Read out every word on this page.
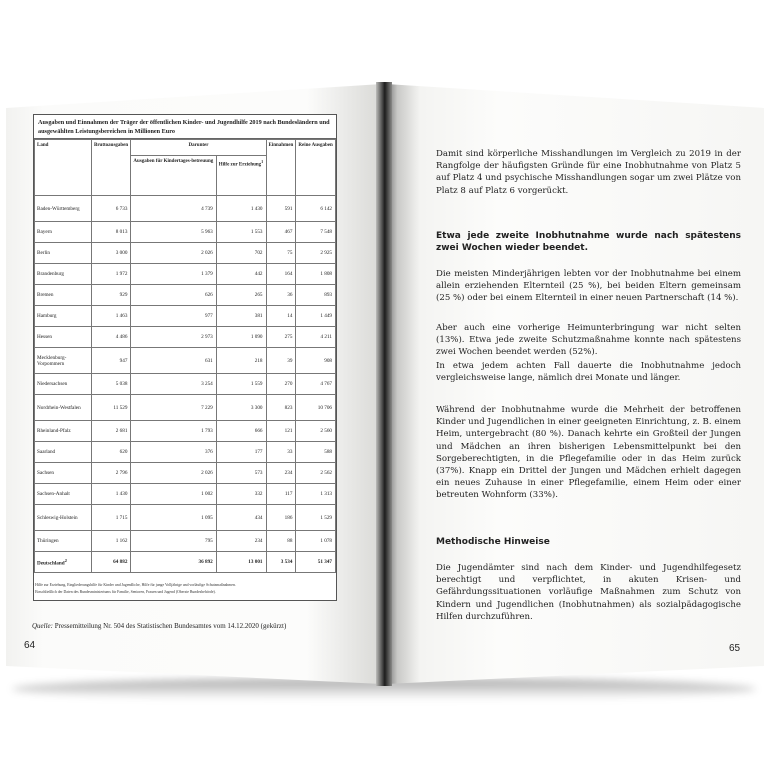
Ausgaben und Einnahmen der Träger der öffentlichen Kinder- und Jugendhilfe 2019 nach Bundesländern und ausgewählten Leistungsbereichen in Millionen Euro
Land	Bruttoausgaben	Darunter		Einnahmen	Reine Ausgaben
		Ausgaben für Kindertages-betreuung	Hilfe zur Erziehung$^1$
Baden-Württemberg	6 733	4 739	1 430	591	6 142
Bayern	8 013	5 963	1 553	467	7 548
Berlin	3 000	2 026	702	75	2 925
Brandenburg	1 972	1 379	442	164	1 808
Bremen	929	626	265	36	893
Hamburg	1 463	977	381	14	1 449
Hessen	4 486	2 973	1 090	275	4 211
Mecklenburg-Vorpommern	947	631	218	39	908
Niedersachsen	5 038	3 254	1 559	270	4 767
Nordrhein-Westfalen	11 529	7 229	3 300	823	10 706
Rheinland-Pfalz	2 681	1 793	666	121	2 560
Saarland	620	376	177	33	588
Sachsen	2 796	2 026	573	234	2 562
Sachsen-Anhalt	1 430	1 002	332	117	1 313
Schleswig-Holstein	1 715	1 095	434	186	1 529
Thüringen	1 162	795	234	88	1 078
Deutschland$^2$	64 882	36 892	13 001	3 534	51 347
¹ Hilfe zur Erziehung, Eingliederungshilfe für Kinder und Jugendliche, Hilfe für junge Volljährige und vorläufige Schutzmaßnahmen.
² Einschließlich der Daten des Bundesministeriums für Familie, Senioren, Frauen und Jugend (Oberste Bundesbehörde).
Quelle: Pressemitteilung Nr. 504 des Statistischen Bundesamtes vom 14.12.2020 (gekürzt)
64

Damit sind körperliche Misshandlungen im Vergleich zu 2019 in der Rangfolge der häufigsten Gründe für eine Inobhutnahme von Platz 5 auf Platz 4 und psychische Misshandlungen sogar um zwei Plätze von Platz 8 auf Platz 6 vorgerückt.

Etwa jede zweite Inobhutnahme wurde nach spätestens zwei Wochen wieder beendet.

Die meisten Minderjährigen lebten vor der Inobhutnahme bei einem allein erziehenden Elternteil (25 %), bei beiden Eltern gemeinsam (25 %) oder bei einem Elternteil in einer neuen Partnerschaft (14 %).

Aber auch eine vorherige Heimunterbringung war nicht selten (13%). Etwa jede zweite Schutzmaßnahme konnte nach spätestens zwei Wochen beendet werden (52%).

In etwa jedem achten Fall dauerte die Inobhutnahme jedoch vergleichsweise lange, nämlich drei Monate und länger.

Während der Inobhutnahme wurde die Mehrheit der betroffenen Kinder und Jugendlichen in einer geeigneten Einrichtung, z. B. einem Heim, untergebracht (80 %). Danach kehrte ein Großteil der Jungen und Mädchen an ihren bisherigen Lebensmittelpunkt bei den Sorgeberechtigten, in die Pflegefamilie oder in das Heim zurück (37%). Knapp ein Drittel der Jungen und Mädchen erhielt dagegen ein neues Zuhause in einer Pflegefamilie, einem Heim oder einer betreuten Wohnform (33%).

Methodische Hinweise

Die Jugendämter sind nach dem Kinder- und Jugendhilfegesetz berechtigt und verpflichtet, in akuten Krisen- und Gefährdungssituationen vorläufige Maßnahmen zum Schutz von Kindern und Jugendlichen (Inobhutnahmen) als sozialpädagogische Hilfen durchzuführen.

65
